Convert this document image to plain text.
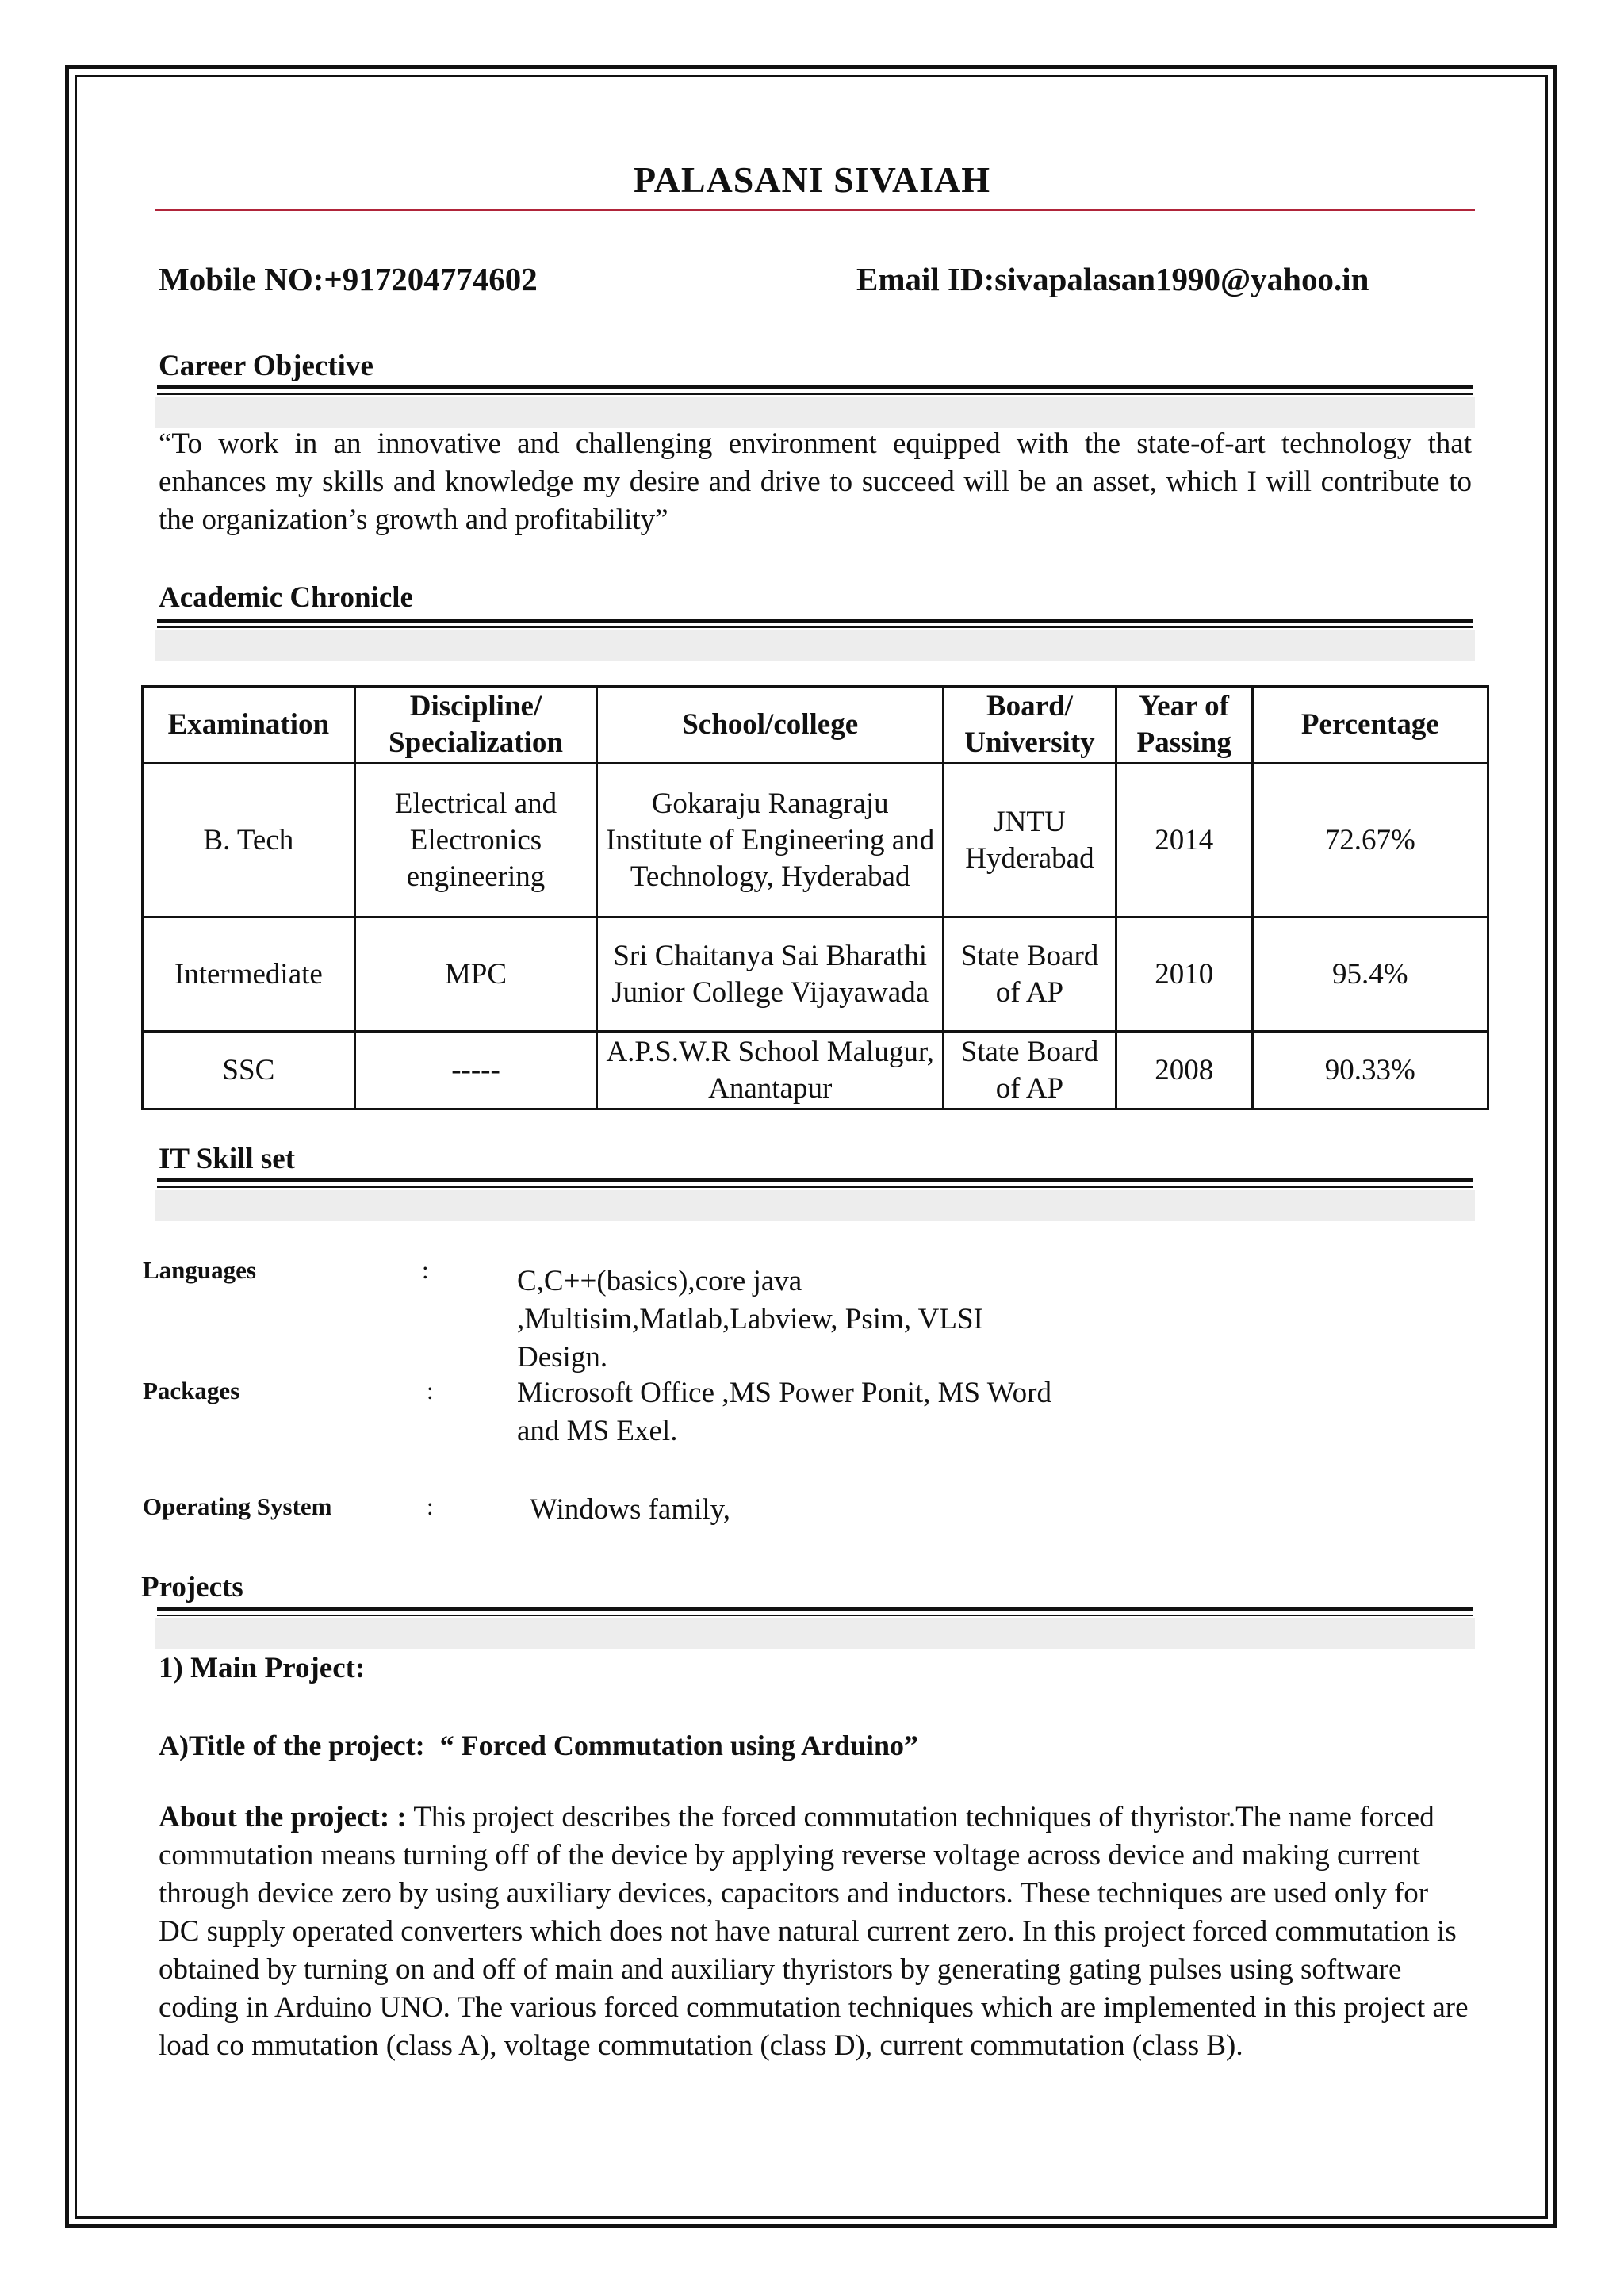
PALASANI SIVAIAH
Mobile NO:+917204774602	Email ID:sivapalasan1990@yahoo.in
Career Objective
“To work in an innovative and challenging environment equipped with the state-of-art technology that enhances my skills and knowledge my desire and drive to succeed will be an asset, which I will contribute to the organization’s growth and profitability”
Academic Chronicle
Examination	Discipline/ Specialization	School/college	Board/ University	Year of Passing	Percentage
B. Tech	Electrical and Electronics engineering	Gokaraju Ranagraju Institute of Engineering and Technology, Hyderabad	JNTU Hyderabad	2014	72.67%
Intermediate	MPC	Sri Chaitanya Sai Bharathi Junior College Vijayawada	State Board of AP	2010	95.4%
SSC	-----	A.P.S.W.R School Malugur, Anantapur	State Board of AP	2008	90.33%
IT Skill set
Languages	:	C,C++(basics),core java ,Multisim,Matlab,Labview, Psim, VLSI Design.
Packages	:	Microsoft Office ,MS Power Ponit, MS Word and MS Exel.
Operating System	:	Windows family,
Projects
1) Main Project:
A)Title of the project: “ Forced Commutation using Arduino”
About the project: : This project describes the forced commutation techniques of thyristor.The name forced commutation means turning off of the device by applying reverse voltage across device and making current through device zero by using auxiliary devices, capacitors and inductors. These techniques are used only for DC supply operated converters which does not have natural current zero. In this project forced commutation is obtained by turning on and off of main and auxiliary thyristors by generating gating pulses using software coding in Arduino UNO. The various forced commutation techniques which are implemented in this project are load co mmutation (class A), voltage commutation (class D), current commutation (class B).
